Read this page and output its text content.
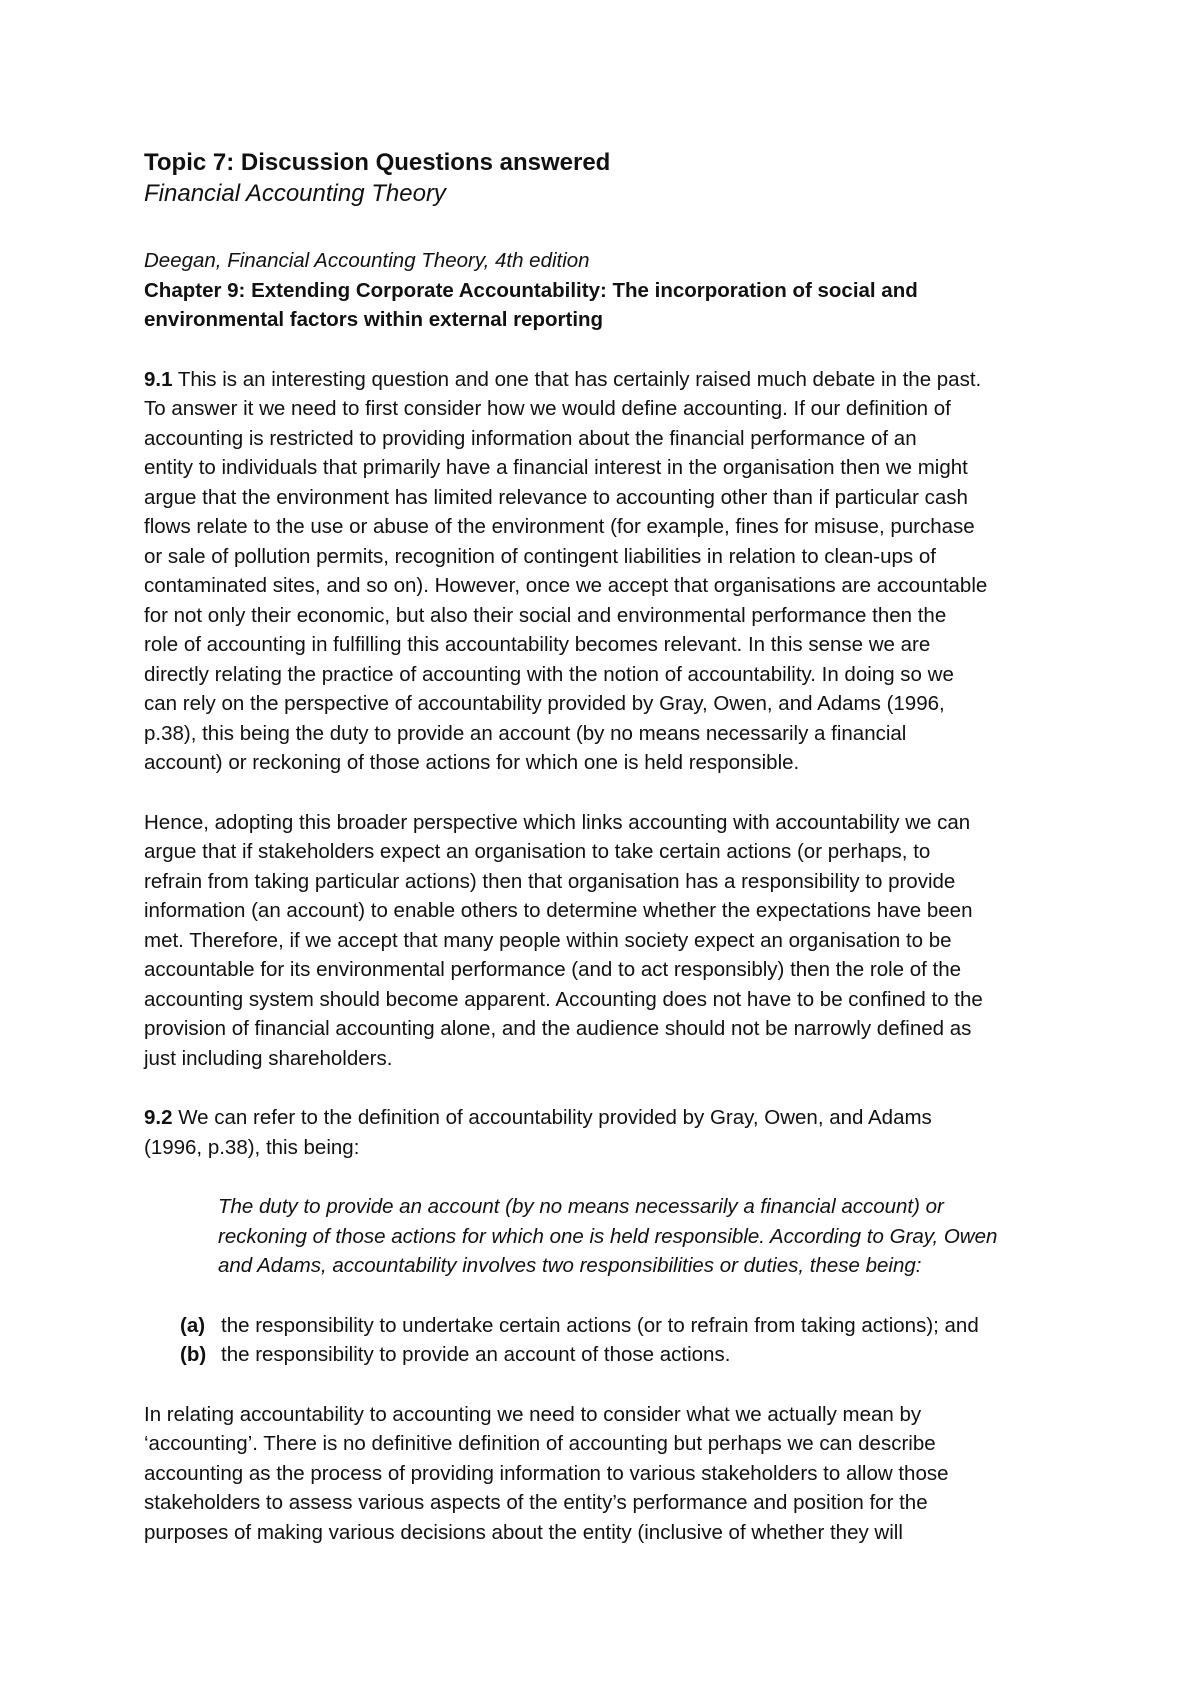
Topic 7: Discussion Questions answered
Financial Accounting Theory
Deegan, Financial Accounting Theory, 4th edition
Chapter 9: Extending Corporate Accountability: The incorporation of social and
environmental factors within external reporting
9.1 This is an interesting question and one that has certainly raised much debate in the past.
To answer it we need to first consider how we would define accounting. If our definition of
accounting is restricted to providing information about the financial performance of an
entity to individuals that primarily have a financial interest in the organisation then we might
argue that the environment has limited relevance to accounting other than if particular cash
flows relate to the use or abuse of the environment (for example, fines for misuse, purchase
or sale of pollution permits, recognition of contingent liabilities in relation to clean-ups of
contaminated sites, and so on). However, once we accept that organisations are accountable
for not only their economic, but also their social and environmental performance then the
role of accounting in fulfilling this accountability becomes relevant. In this sense we are
directly relating the practice of accounting with the notion of accountability. In doing so we
can rely on the perspective of accountability provided by Gray, Owen, and Adams (1996,
p.38), this being the duty to provide an account (by no means necessarily a financial
account) or reckoning of those actions for which one is held responsible.
Hence, adopting this broader perspective which links accounting with accountability we can
argue that if stakeholders expect an organisation to take certain actions (or perhaps, to
refrain from taking particular actions) then that organisation has a responsibility to provide
information (an account) to enable others to determine whether the expectations have been
met. Therefore, if we accept that many people within society expect an organisation to be
accountable for its environmental performance (and to act responsibly) then the role of the
accounting system should become apparent. Accounting does not have to be confined to the
provision of financial accounting alone, and the audience should not be narrowly defined as
just including shareholders.
9.2 We can refer to the definition of accountability provided by Gray, Owen, and Adams
(1996, p.38), this being:
The duty to provide an account (by no means necessarily a financial account) or
reckoning of those actions for which one is held responsible. According to Gray, Owen
and Adams, accountability involves two responsibilities or duties, these being:
(a) the responsibility to undertake certain actions (or to refrain from taking actions); and
(b) the responsibility to provide an account of those actions.
In relating accountability to accounting we need to consider what we actually mean by
‘accounting’. There is no definitive definition of accounting but perhaps we can describe
accounting as the process of providing information to various stakeholders to allow those
stakeholders to assess various aspects of the entity’s performance and position for the
purposes of making various decisions about the entity (inclusive of whether they will
